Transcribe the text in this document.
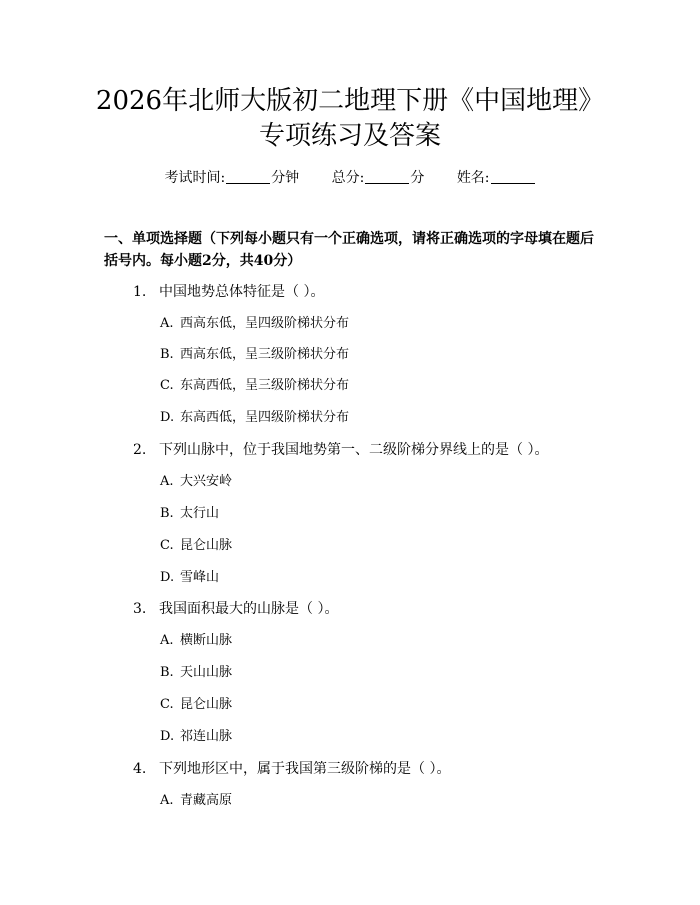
2026年北师大版初二地理下册《中国地理》
专项练习及答案
考试时间:	分钟 总分:	分 姓名:
一、单项选择题（下列每小题只有一个正确选项，请将正确选项的字母填在题后括号内。每小题2分，共40分）
1. 中国地势总体特征是（ ）。
A. 西高东低，呈四级阶梯状分布
B. 西高东低，呈三级阶梯状分布
C. 东高西低，呈三级阶梯状分布
D. 东高西低，呈四级阶梯状分布
2. 下列山脉中，位于我国地势第一、二级阶梯分界线上的是（ ）。
A. 大兴安岭
B. 太行山
C. 昆仑山脉
D. 雪峰山
3. 我国面积最大的山脉是（ ）。
A. 横断山脉
B. 天山山脉
C. 昆仑山脉
D. 祁连山脉
4. 下列地形区中，属于我国第三级阶梯的是（ ）。
A. 青藏高原
